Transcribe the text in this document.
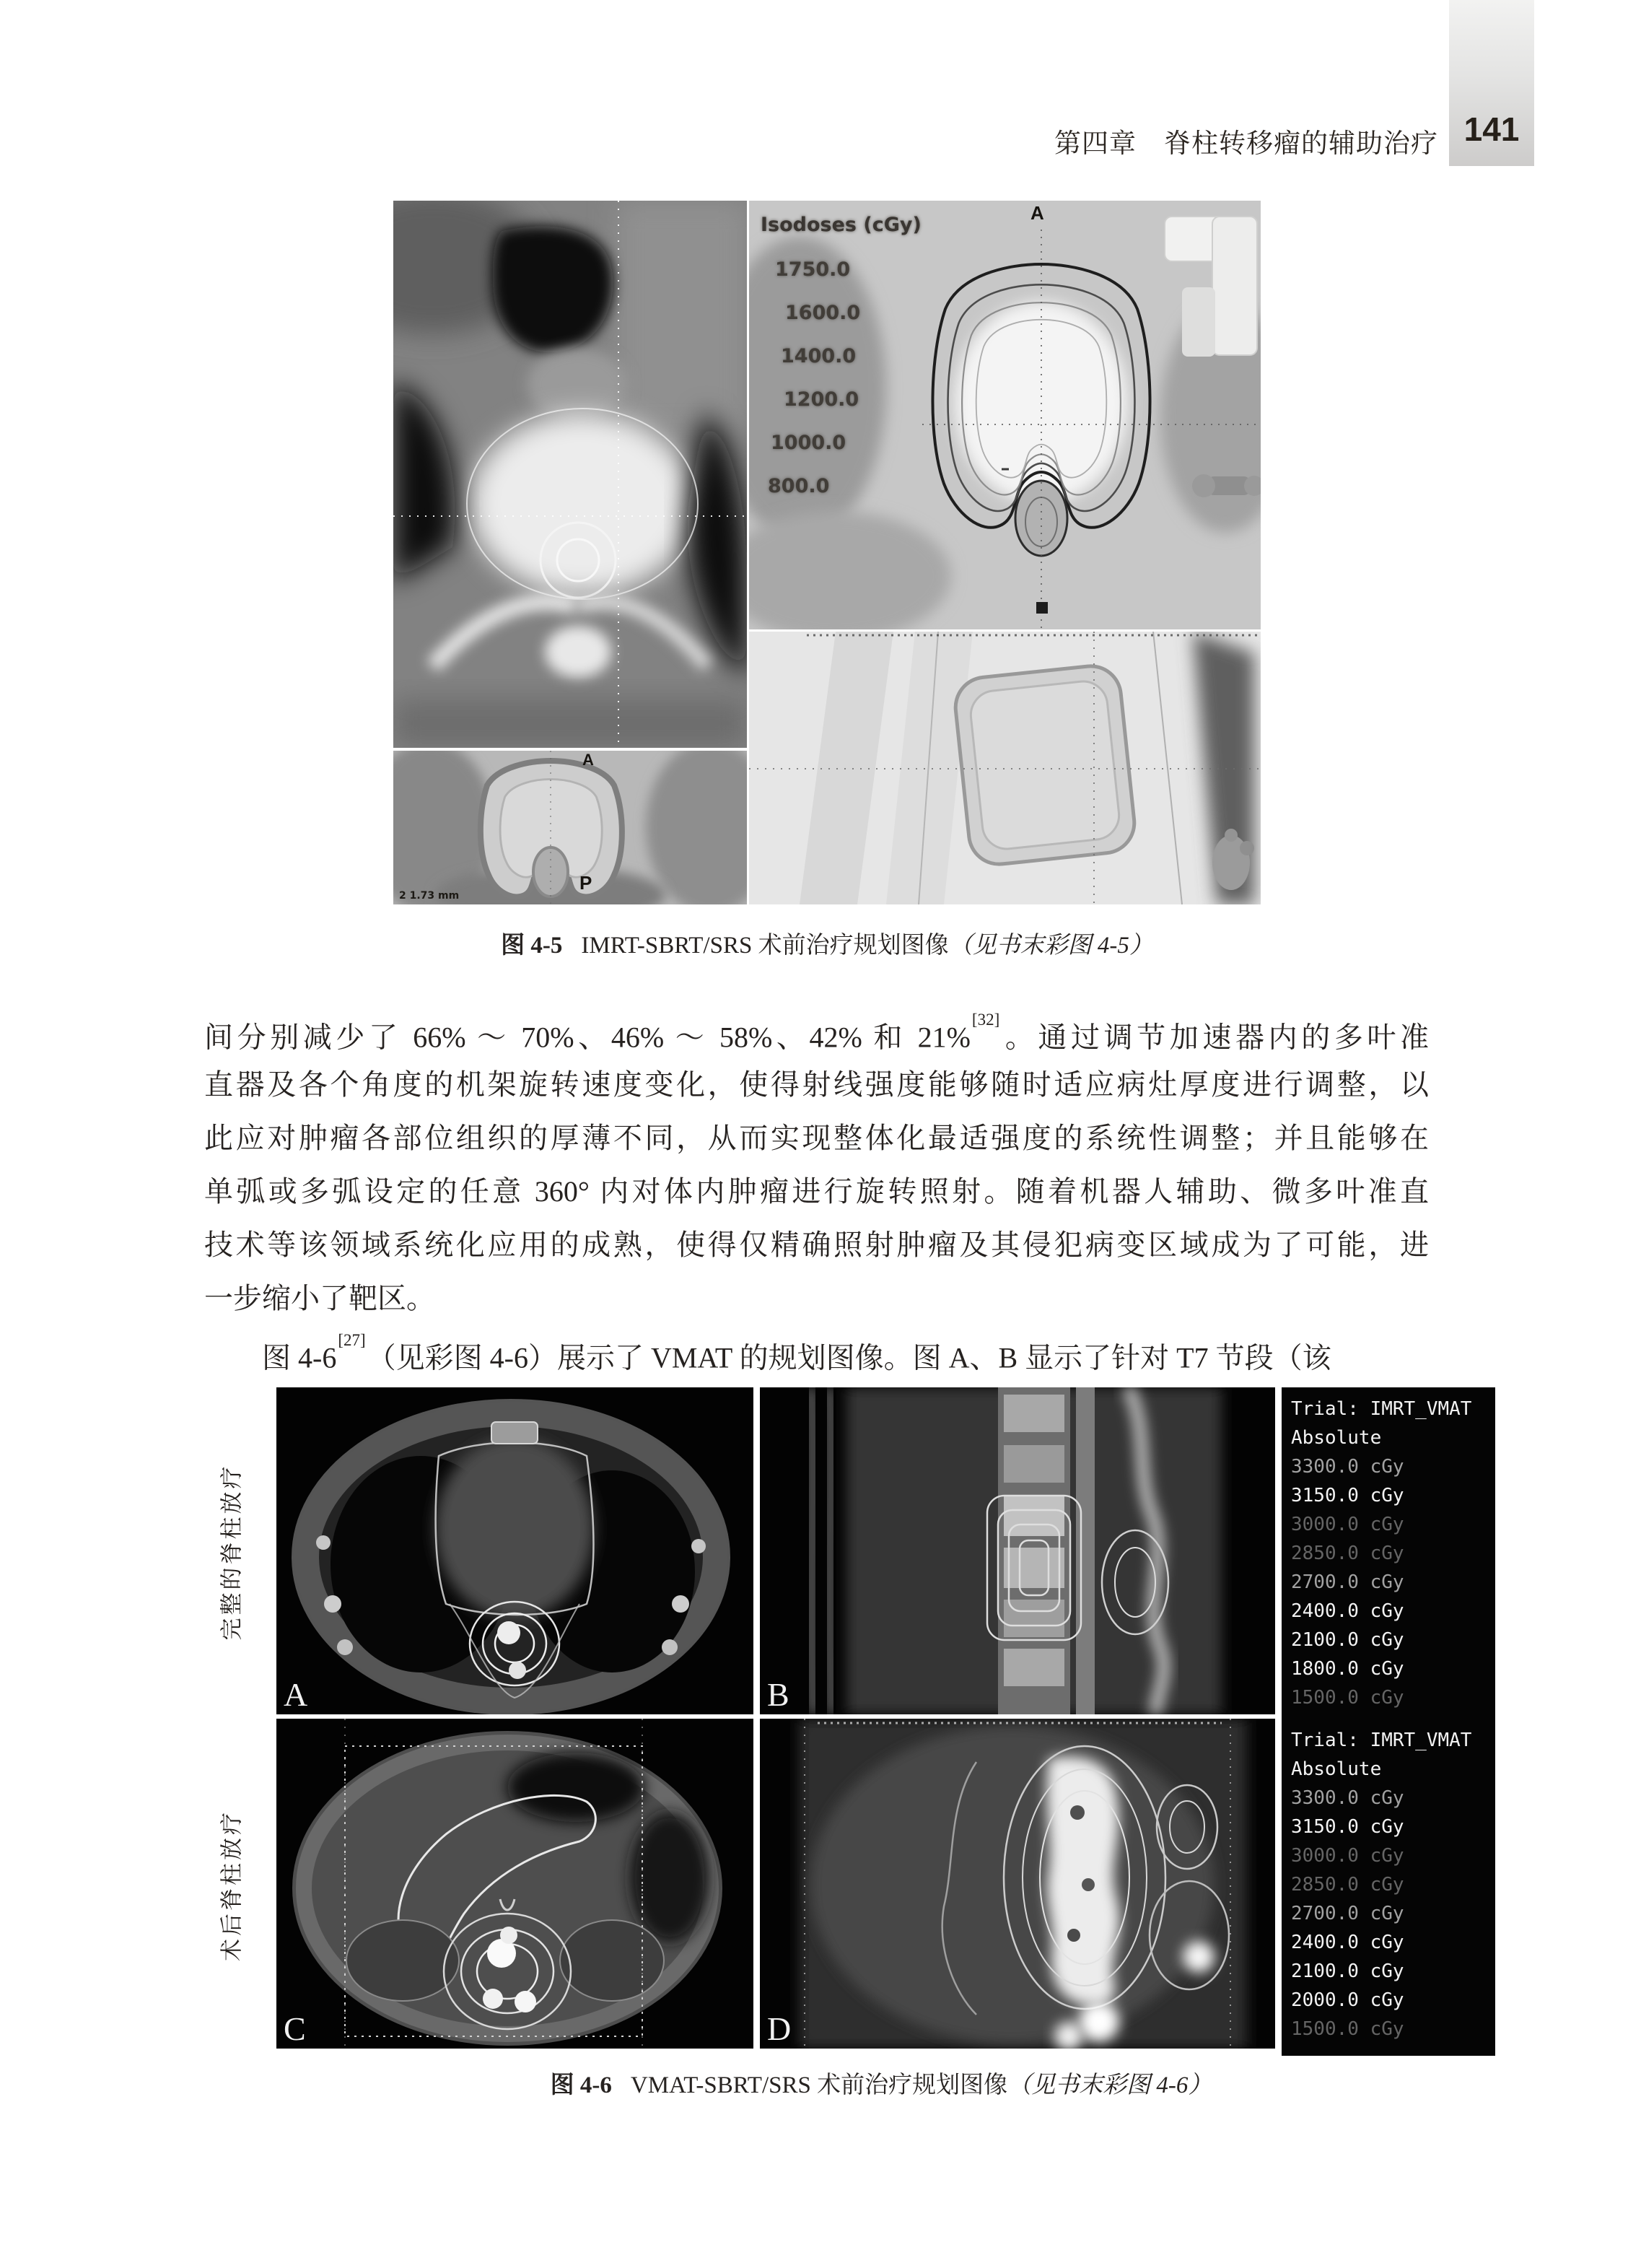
第四章　脊柱转移瘤的辅助治疗 141
Isodoses (cGy)
1750.0
1600.0
1400.0
1200.0
1000.0
800.0
A
A
P
2 1.73 mm
图 4-5 IMRT-SBRT/SRS 术前治疗规划图像（见书末彩图 4-5）
间分别减少了 66% ～ 70%、46% ～ 58%、42% 和 21%[32]。通过调节加速器内的多叶准
直器及各个角度的机架旋转速度变化，使得射线强度能够随时适应病灶厚度进行调整，以
此应对肿瘤各部位组织的厚薄不同，从而实现整体化最适强度的系统性调整；并且能够在
单弧或多弧设定的任意 360° 内对体内肿瘤进行旋转照射。随着机器人辅助、微多叶准直
技术等该领域系统化应用的成熟，使得仅精确照射肿瘤及其侵犯病变区域成为了可能，进
一步缩小了靶区。
图 4-6[27]（见彩图 4-6）展示了 VMAT 的规划图像。图 A、B 显示了针对 T7 节段（该
完整的脊柱放疗
术后脊柱放疗
A	B
Trial: IMRT_VMAT
Absolute
3300.0 cGy
3150.0 cGy
3000.0 cGy
2850.0 cGy
2700.0 cGy
2400.0 cGy
2100.0 cGy
1800.0 cGy
1500.0 cGy
C	D
Trial: IMRT_VMAT
Absolute
3300.0 cGy
3150.0 cGy
3000.0 cGy
2850.0 cGy
2700.0 cGy
2400.0 cGy
2100.0 cGy
2000.0 cGy
1500.0 cGy
图 4-6 VMAT-SBRT/SRS 术前治疗规划图像（见书末彩图 4-6）
